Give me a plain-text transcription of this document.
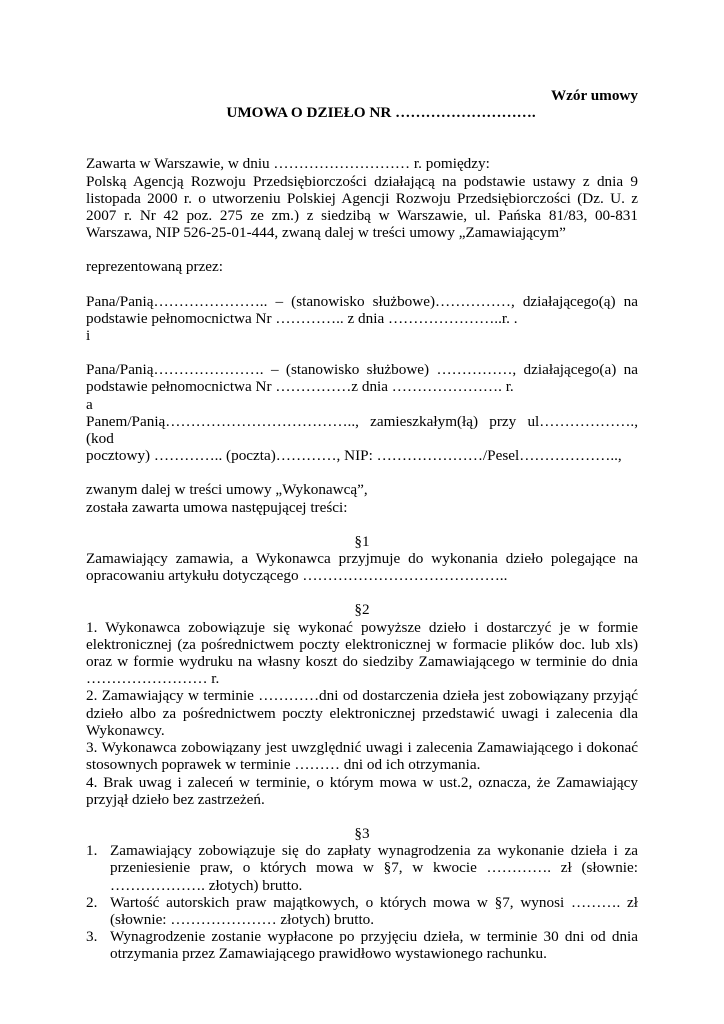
Wzór umowy

UMOWA O DZIEŁO NR ……………………….

Zawarta w Warszawie, w dniu ……………………… r. pomiędzy:

Polską Agencją Rozwoju Przedsiębiorczości działającą na podstawie ustawy z dnia 9 listopada 2000 r. o utworzeniu Polskiej Agencji Rozwoju Przedsiębiorczości (Dz. U. z 2007 r. Nr 42 poz. 275 ze zm.) z siedzibą w Warszawie, ul. Pańska 81/83, 00-831 Warszawa, NIP 526-25-01-444, zwaną dalej w treści umowy „Zamawiającym”

reprezentowaną przez:

Pana/Panią………………….. – (stanowisko służbowe)……………, działającego(ą) na

podstawie pełnomocnictwa Nr ………….. z dnia …………………..r. .

i

Pana/Panią…………………. – (stanowisko służbowe) ……………, działającego(a) na

podstawie pełnomocnictwa Nr ……………z dnia …………………. r.

a

Panem/Panią……………………………….., zamieszkałym(łą) przy ul………………., (kod

pocztowy) ………….. (poczta)…………, NIP: …………………/Pesel………………..,

zwanym dalej w treści umowy „Wykonawcą”,

została zawarta umowa następującej treści:

§1

Zamawiający zamawia, a Wykonawca przyjmuje do wykonania dzieło polegające na opracowaniu artykułu dotyczącego …………………………………..

§2

1. Wykonawca zobowiązuje się wykonać powyższe dzieło i dostarczyć je w formie elektronicznej (za pośrednictwem poczty elektronicznej w formacie plików doc. lub xls) oraz w formie wydruku na własny koszt do siedziby Zamawiającego w terminie do dnia …………………… r.

2. Zamawiający w terminie …………dni od dostarczenia dzieła jest zobowiązany przyjąć dzieło albo za pośrednictwem poczty elektronicznej przedstawić uwagi i zalecenia dla Wykonawcy.

3. Wykonawca zobowiązany jest uwzględnić uwagi i zalecenia Zamawiającego i dokonać stosownych poprawek w terminie ……… dni od ich otrzymania.

4. Brak uwag i zaleceń w terminie, o którym mowa w ust.2, oznacza, że Zamawiający przyjął dzieło bez zastrzeżeń.

§3

1. Zamawiający zobowiązuje się do zapłaty wynagrodzenia za wykonanie dzieła i za przeniesienie praw, o których mowa w §7, w kwocie …………. zł (słownie: ………………. złotych) brutto.
2. Wartość autorskich praw majątkowych, o których mowa w §7, wynosi ………. zł (słownie: ………………… złotych) brutto.
3. Wynagrodzenie zostanie wypłacone po przyjęciu dzieła, w terminie 30 dni od dnia otrzymania przez Zamawiającego prawidłowo wystawionego rachunku.
